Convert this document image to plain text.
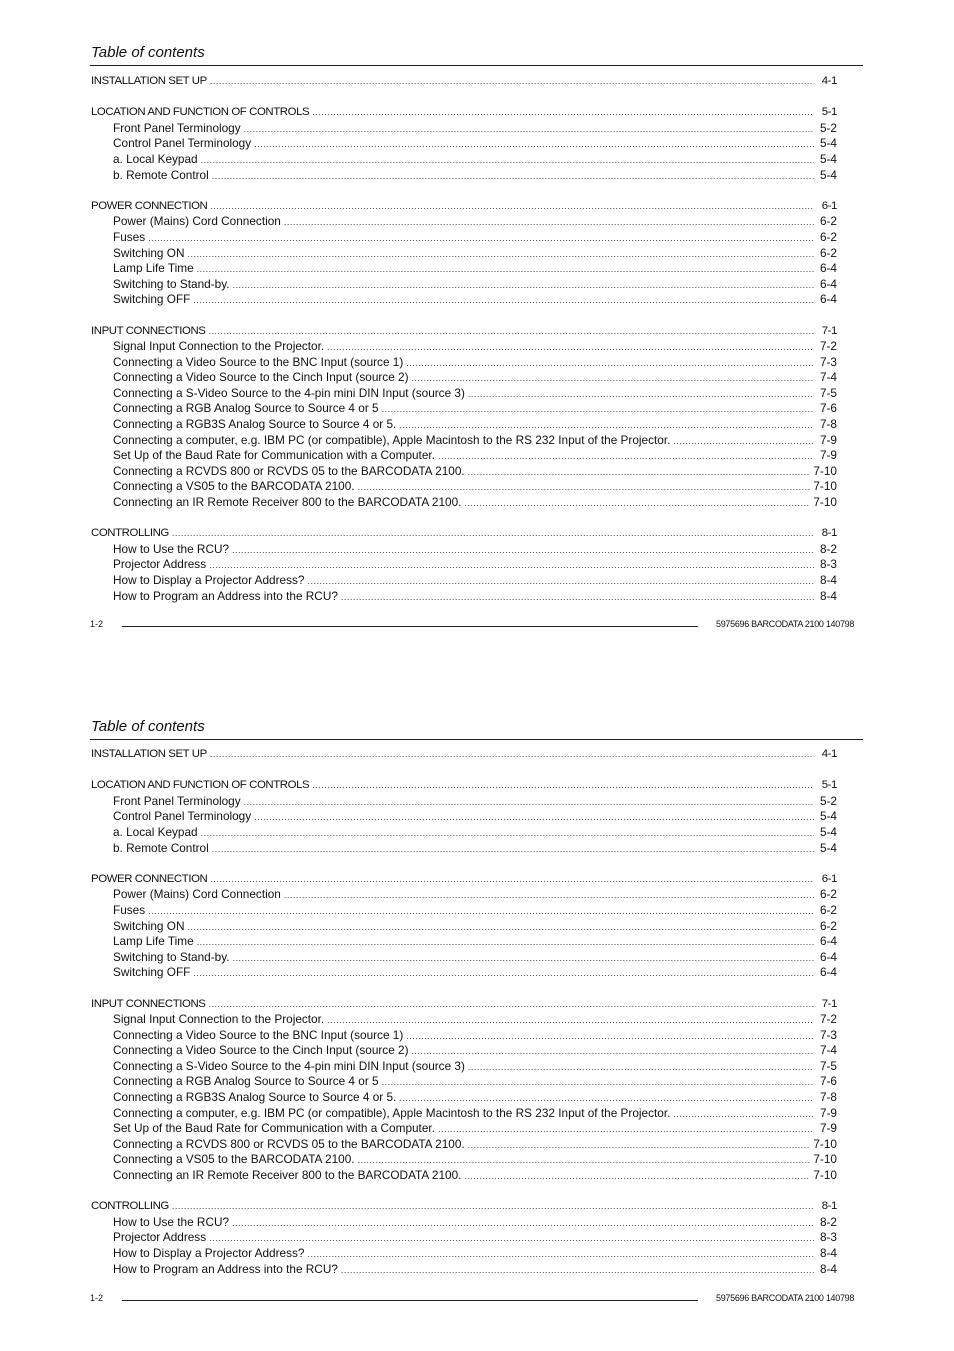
Table of contents
INSTALLATION SET UP .....	4-1
LOCATION AND FUNCTION OF CONTROLS .....	5-1
Front Panel Terminology .....	5-2
Control Panel Terminology .....	5-4
a. Local Keypad .....	5-4
b. Remote Control .....	5-4
POWER CONNECTION .....	6-1
Power (Mains) Cord Connection .....	6-2
Fuses .....	6-2
Switching ON .....	6-2
Lamp Life Time .....	6-4
Switching to Stand-by. .....	6-4
Switching OFF .....	6-4
INPUT CONNECTIONS .....	7-1
Signal Input Connection to the Projector. .....	7-2
Connecting a Video Source to the BNC Input (source 1) .....	7-3
Connecting a Video Source to the Cinch Input (source 2) .....	7-4
Connecting a S-Video Source to the 4-pin mini DIN Input (source 3) .....	7-5
Connecting a RGB Analog Source to Source 4 or 5 .....	7-6
Connecting a RGB3S Analog Source to Source 4 or 5. .....	7-8
Connecting a computer, e.g. IBM PC (or compatible), Apple Macintosh to the RS 232 Input of the Projector. .....	7-9
Set Up of the Baud Rate for Communication with a Computer. .....	7-9
Connecting a RCVDS 800 or RCVDS 05 to the BARCODATA 2100. .....	7-10
Connecting a VS05 to the BARCODATA 2100. .....	7-10
Connecting an IR Remote Receiver 800 to the BARCODATA 2100. .....	7-10
CONTROLLING .....	8-1
How to Use the RCU? .....	8-2
Projector Address .....	8-3
How to Display a Projector Address? .....	8-4
How to Program an Address into the RCU? .....	8-4
1-2	5975696 BARCODATA 2100 140798
Table of contents
INSTALLATION SET UP .....	4-1
LOCATION AND FUNCTION OF CONTROLS .....	5-1
Front Panel Terminology .....	5-2
Control Panel Terminology .....	5-4
a. Local Keypad .....	5-4
b. Remote Control .....	5-4
POWER CONNECTION .....	6-1
Power (Mains) Cord Connection .....	6-2
Fuses .....	6-2
Switching ON .....	6-2
Lamp Life Time .....	6-4
Switching to Stand-by. .....	6-4
Switching OFF .....	6-4
INPUT CONNECTIONS .....	7-1
Signal Input Connection to the Projector. .....	7-2
Connecting a Video Source to the BNC Input (source 1) .....	7-3
Connecting a Video Source to the Cinch Input (source 2) .....	7-4
Connecting a S-Video Source to the 4-pin mini DIN Input (source 3) .....	7-5
Connecting a RGB Analog Source to Source 4 or 5 .....	7-6
Connecting a RGB3S Analog Source to Source 4 or 5. .....	7-8
Connecting a computer, e.g. IBM PC (or compatible), Apple Macintosh to the RS 232 Input of the Projector. .....	7-9
Set Up of the Baud Rate for Communication with a Computer. .....	7-9
Connecting a RCVDS 800 or RCVDS 05 to the BARCODATA 2100. .....	7-10
Connecting a VS05 to the BARCODATA 2100. .....	7-10
Connecting an IR Remote Receiver 800 to the BARCODATA 2100. .....	7-10
CONTROLLING .....	8-1
How to Use the RCU? .....	8-2
Projector Address .....	8-3
How to Display a Projector Address? .....	8-4
How to Program an Address into the RCU? .....	8-4
1-2	5975696 BARCODATA 2100 140798
